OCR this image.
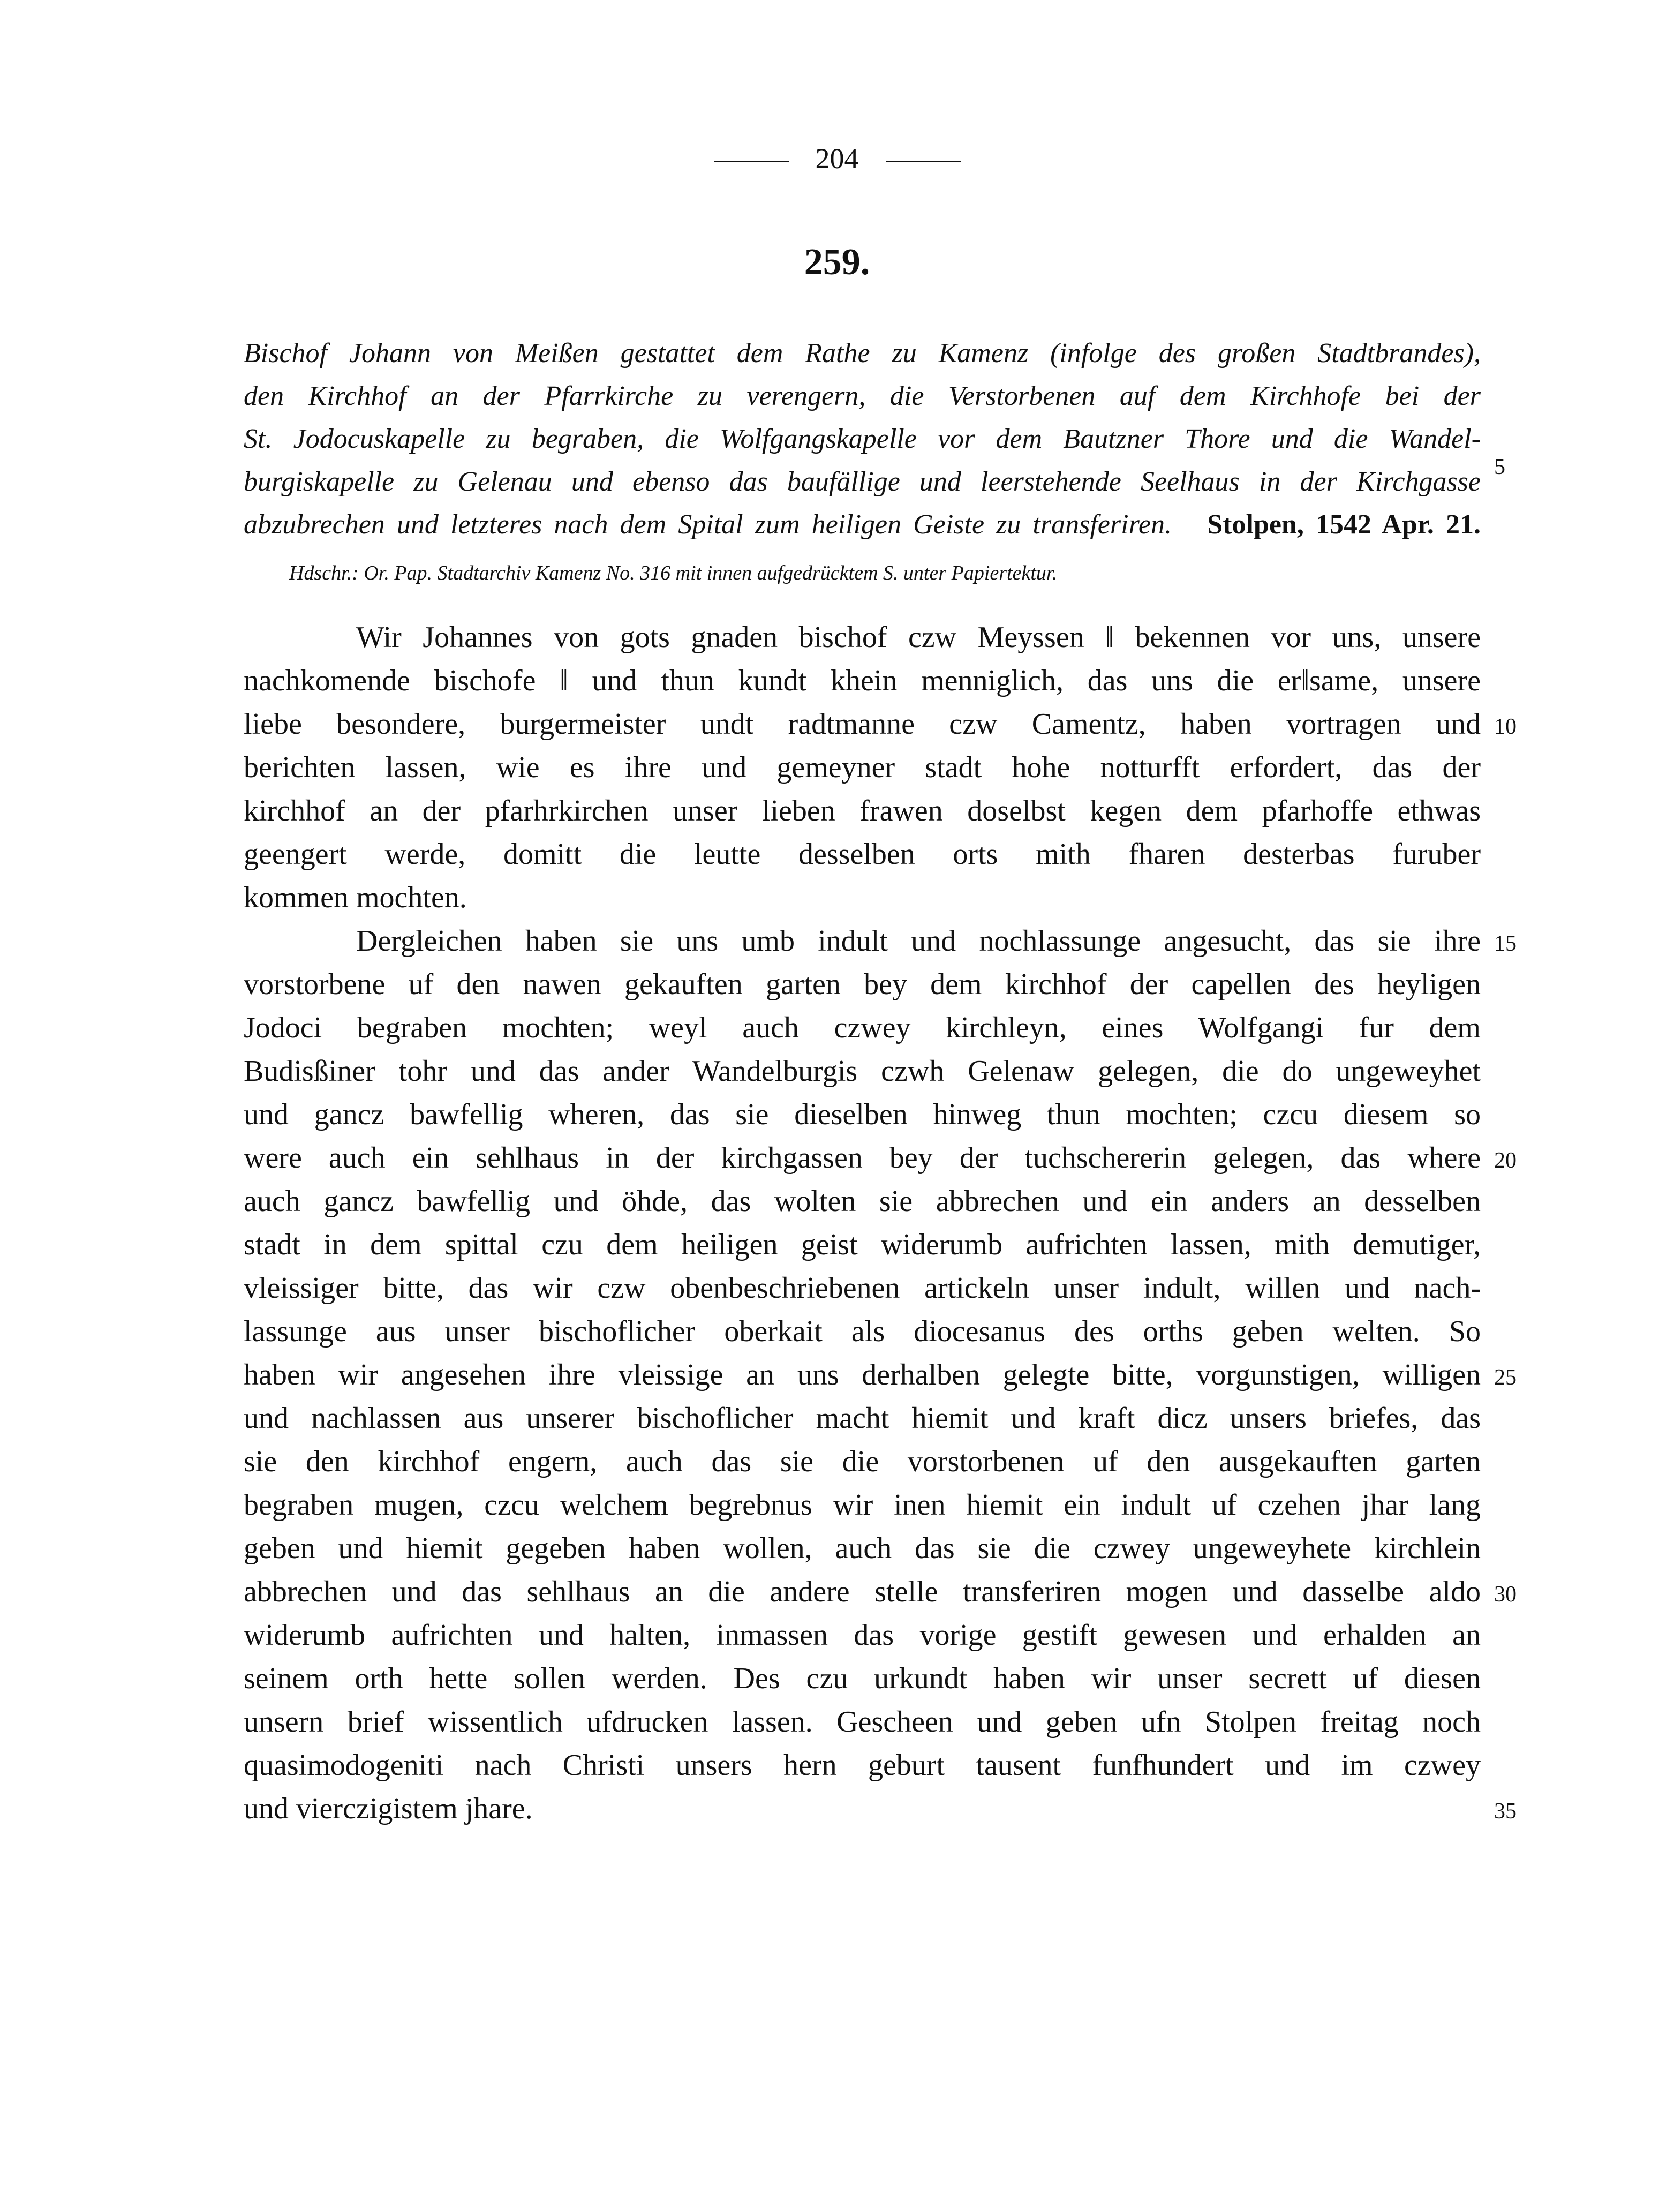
204
259.
Bischof Johann von Meißen gestattet dem Rathe zu Kamenz (infolge des großen Stadtbrandes),
den Kirchhof an der Pfarrkirche zu verengern, die Verstorbenen auf dem Kirchhofe bei der
St. Jodocuskapelle zu begraben, die Wolfgangskapelle vor dem Bautzner Thore und die Wandel-
burgiskapelle zu Gelenau und ebenso das baufällige und leerstehende Seelhaus in der Kirchgasse
abzubrechen und letzteres nach dem Spital zum heiligen Geiste zu transferiren. Stolpen, 1542 Apr. 21.
Hdschr.: Or. Pap. Stadtarchiv Kamenz No. 316 mit innen aufgedrücktem S. unter Papiertektur.
Wir Johannes von gots gnaden bischof czw Meyssen ‖ bekennen vor uns, unsere
nachkomende bischofe ‖ und thun kundt khein menniglich, das uns die er‖same, unsere
liebe besondere, burgermeister undt radtmanne czw Camentz, haben vortragen und
berichten lassen, wie es ihre und gemeyner stadt hohe notturfft erfordert, das der
kirchhof an der pfarhrkirchen unser lieben frawen doselbst kegen dem pfarhoffe ethwas
geengert werde, domitt die leutte desselben orts mith fharen desterbas furuber
kommen mochten.
Dergleichen haben sie uns umb indult und nochlassunge angesucht, das sie ihre
vorstorbene uf den nawen gekauften garten bey dem kirchhof der capellen des heyligen
Jodoci begraben mochten; weyl auch czwey kirchleyn, eines Wolfgangi fur dem
Budisßiner tohr und das ander Wandelburgis czwh Gelenaw gelegen, die do ungeweyhet
und gancz bawfellig wheren, das sie dieselben hinweg thun mochten; czcu diesem so
were auch ein sehlhaus in der kirchgassen bey der tuchschererin gelegen, das where
auch gancz bawfellig und öhde, das wolten sie abbrechen und ein anders an desselben
stadt in dem spittal czu dem heiligen geist widerumb aufrichten lassen, mith demutiger,
vleissiger bitte, das wir czw obenbeschriebenen artickeln unser indult, willen und nach-
lassunge aus unser bischoflicher oberkait als diocesanus des orths geben welten. So
haben wir angesehen ihre vleissige an uns derhalben gelegte bitte, vorgunstigen, willigen
und nachlassen aus unserer bischoflicher macht hiemit und kraft dicz unsers briefes, das
sie den kirchhof engern, auch das sie die vorstorbenen uf den ausgekauften garten
begraben mugen, czcu welchem begrebnus wir inen hiemit ein indult uf czehen jhar lang
geben und hiemit gegeben haben wollen, auch das sie die czwey ungeweyhete kirchlein
abbrechen und das sehlhaus an die andere stelle transferiren mogen und dasselbe aldo
widerumb aufrichten und halten, inmassen das vorige gestift gewesen und erhalden an
seinem orth hette sollen werden. Des czu urkundt haben wir unser secrett uf diesen
unsern brief wissentlich ufdrucken lassen. Gescheen und geben ufn Stolpen freitag noch
quasimodogeniti nach Christi unsers hern geburt tausent funfhundert und im czwey
und vierczigistem jhare.
5
10
15
20
25
30
35
